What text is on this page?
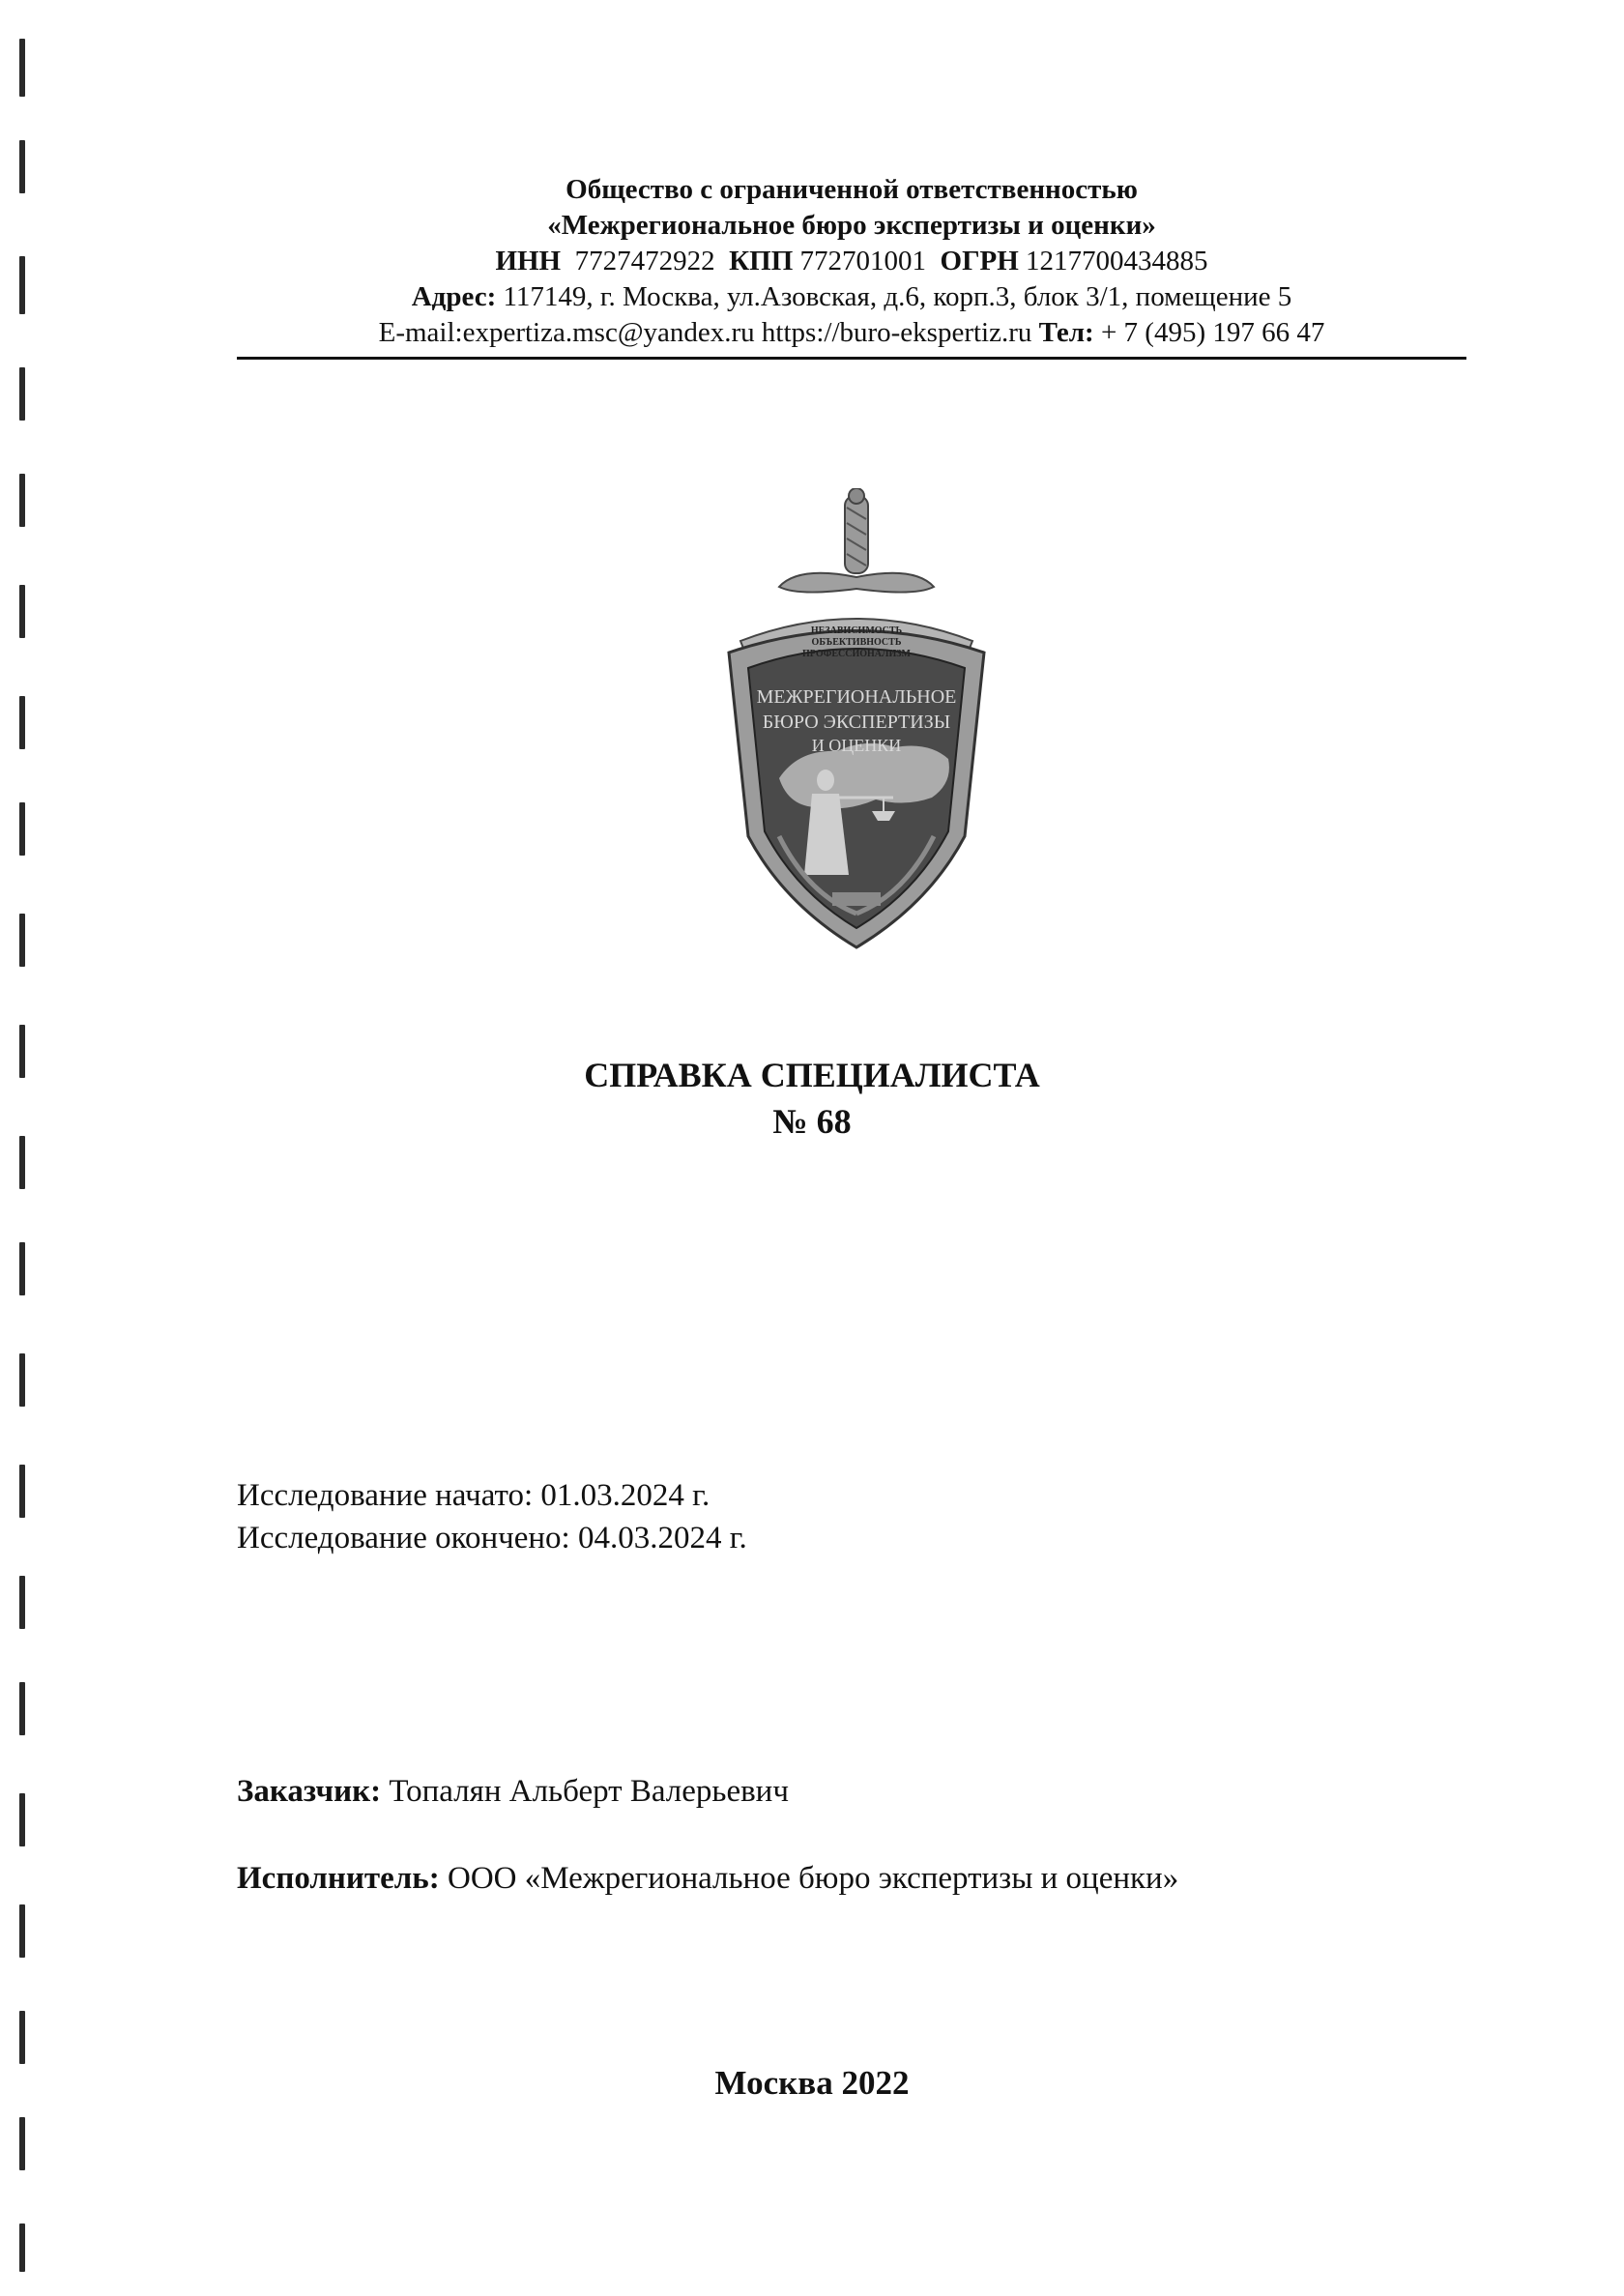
Общество с ограниченной ответственностью
«Межрегиональное бюро экспертизы и оценки»
ИНН 7727472922 КПП 772701001 ОГРН 1217700434885
Адрес: 117149, г. Москва, ул.Азовская, д.6, корп.3, блок 3/1, помещение 5
E-mail:expertiza.msc@yandex.ru https://buro-ekspertiz.ru Тел: + 7 (495) 197 66 47
НЕЗАВИСИМОСТЬ
ОБЪЕКТИВНОСТЬ
ПРОФЕССИОНАЛИЗМ
МЕЖРЕГИОНАЛЬНОЕ
БЮРО ЭКСПЕРТИЗЫ
И ОЦЕНКИ
СПРАВКА СПЕЦИАЛИСТА
№ 68
Исследование начато: 01.03.2024 г.
Исследование окончено: 04.03.2024 г.
Заказчик: Топалян Альберт Валерьевич
Исполнитель: ООО «Межрегиональное бюро экспертизы и оценки»
Москва 2022
